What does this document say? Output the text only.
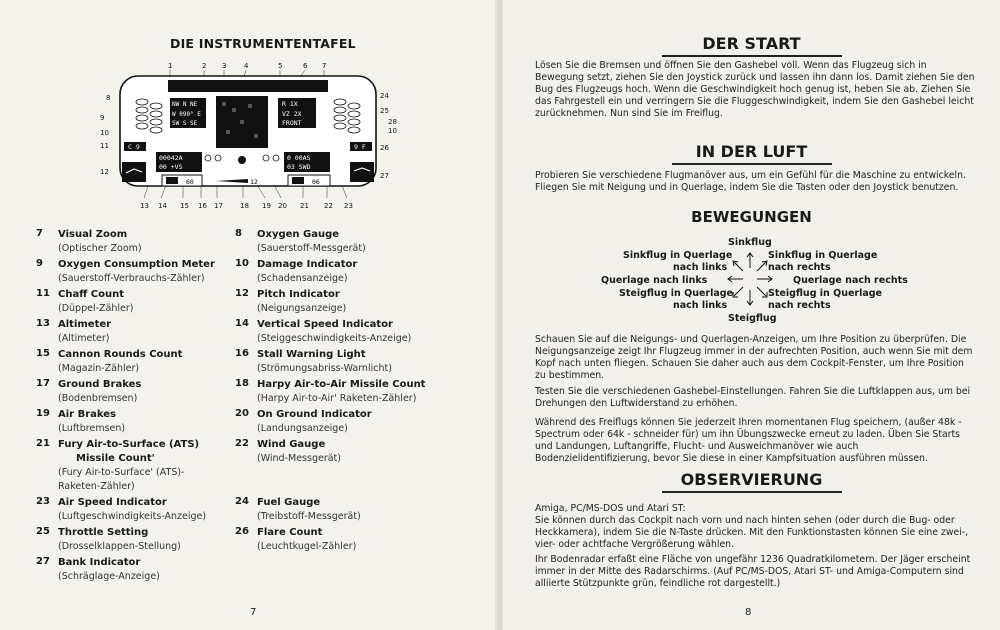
DIE INSTRUMENTENTAFEL
1	2 3	4	5	6 7
8
9
10
11
12
24
25
28
10
26
27
13 14 15 16 17 18 19 20 21 22 23
NW N NE
W 090° E
SW S SE
R 1X
VZ 2X
FRONT
C 9	9 F
00042A
00 +VS
0 00AS
03 SWD
60	12	06
7	Visual Zoom
(Optischer Zoom)
9	Oxygen Consumption Meter
(Sauerstoff-Verbrauchs-Zähler)
11 Chaff Count
(Düppel-Zähler)
13 Altimeter
(Altimeter)
15 Cannon Rounds Count
(Magazin-Zähler)
17 Ground Brakes
(Bodenbremsen)
19 Air Brakes
(Luftbremsen)
21 Fury Air-to-Surface (ATS)
Missile Count'
(Fury Air-to-Surface' (ATS)-
Raketen-Zähler)
23 Air Speed Indicator
(Luftgeschwindigkeits-Anzeige)
25 Throttle Setting
(Drosselklappen-Stellung)
27 Bank Indicator
(Schräglage-Anzeige)
8	Oxygen Gauge
(Sauerstoff-Messgerät)
10 Damage Indicator
(Schadensanzeige)
12 Pitch Indicator
(Neigungsanzeige)
14 Vertical Speed Indicator
(Steiggeschwindigkeits-Anzeige)
16 Stall Warning Light
(Strömungsabriss-Warnlicht)
18 Harpy Air-to-Air Missile Count
(Harpy Air-to-Air' Raketen-Zähler)
20 On Ground Indicator
(Landungsanzeige)
22 Wind Gauge
(Wind-Messgerät)
24 Fuel Gauge
(Treibstoff-Messgerät)
26 Flare Count
(Leuchtkugel-Zähler)
7
DER START
Lösen Sie die Bremsen und öffnen Sie den Gashebel voll. Wenn das Flugzeug sich in Bewegung setzt, ziehen Sie den Joystick zurück und lassen ihn dann los. Damit ziehen Sie den Bug des Flugzeugs hoch. Wenn die Geschwindigkeit hoch genug ist, heben Sie ab. Ziehen Sie das Fahrgestell ein und verringern Sie die Fluggeschwindigkeit, indem Sie den Gashebel leicht zurücknehmen. Nun sind Sie im Freiflug.
IN DER LUFT
Probieren Sie verschiedene Flugmanöver aus, um ein Gefühl für die Maschine zu entwickeln. Fliegen Sie mit Neigung und in Querlage, indem Sie die Tasten oder den Joystick benutzen.
BEWEGUNGEN
Sinkflug
Sinkflug in Querlage
nach links
Sinkflug in Querlage
nach rechts
Querlage nach links	Querlage nach rechts
Steigflug in Querlage
nach links
Steigflug in Querlage
nach rechts
Steigflug
Schauen Sie auf die Neigungs- und Querlagen-Anzeigen, um Ihre Position zu überprüfen. Die Neigungsanzeige zeigt Ihr Flugzeug immer in der aufrechten Position, auch wenn Sie mit dem Kopf nach unten fliegen. Schauen Sie daher auch aus dem Cockpit-Fenster, um Ihre Position zu bestimmen.
Testen Sie die verschiedenen Gashebel-Einstellungen. Fahren Sie die Luftklappen aus, um bei Drehungen den Luftwiderstand zu erhöhen.
Während des Freiflugs können Sie jederzeit Ihren momentanen Flug speichern, (außer 48k - Spectrum oder 64k - schneider für) um ihn Übungszwecke erneut zu laden. Üben Sie Starts und Landungen, Luftangriffe, Flucht- und Ausweichmanöver wie auch Bodenzielidentifizierung, bevor Sie diese in einer Kampfsituation ausführen müssen.
OBSERVIERUNG
Amiga, PC/MS-DOS und Atari ST:
Sie können durch das Cockpit nach vorn und nach hinten sehen (oder durch die Bug- oder Heckkamera), indem Sie die N-Taste drücken. Mit den Funktionstasten können Sie eine zwei-, vier- oder achtfache Vergrößerung wählen.
Ihr Bodenradar erfaßt eine Fläche von ungefähr 1236 Quadratkilometern. Der Jäger erscheint immer in der Mitte des Radarschirms. (Auf PC/MS-DOS, Atari ST- und Amiga-Computern sind alliierte Stützpunkte grün, feindliche rot dargestellt.)
8
